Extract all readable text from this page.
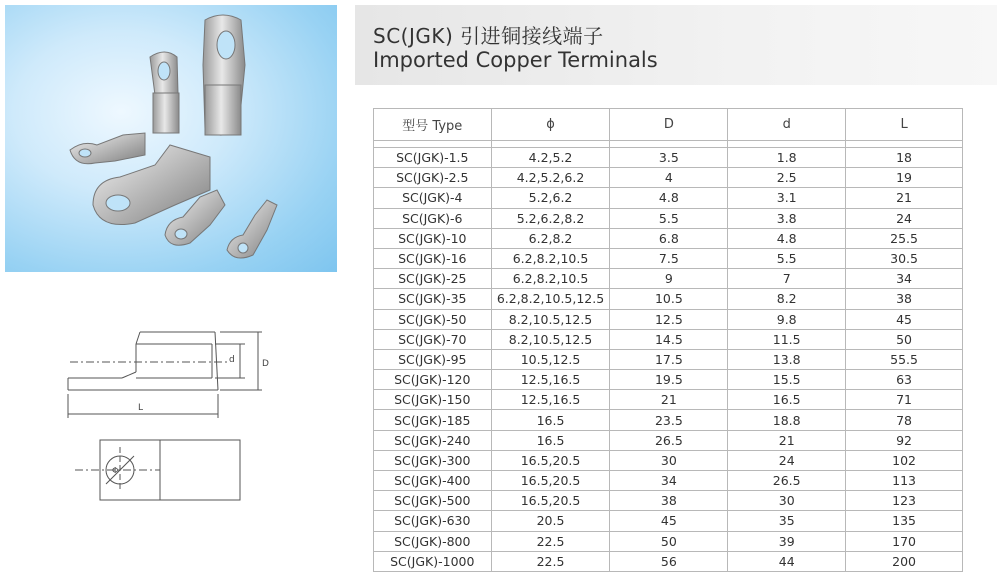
d	D
L
Φ
SC(JGK) 引进铜接线端子
Imported Copper Terminals
型号 Type	ϕ	D	d	L

SC(JGK)-1.5	4.2,5.2	3.5	1.8	18
SC(JGK)-2.5	4.2,5.2,6.2	4	2.5	19
SC(JGK)-4	5.2,6.2	4.8	3.1	21
SC(JGK)-6	5.2,6.2,8.2	5.5	3.8	24
SC(JGK)-10	6.2,8.2	6.8	4.8	25.5
SC(JGK)-16	6.2,8.2,10.5	7.5	5.5	30.5
SC(JGK)-25	6.2,8.2,10.5	9	7	34
SC(JGK)-35	6.2,8.2,10.5,12.5	10.5	8.2	38
SC(JGK)-50	8.2,10.5,12.5	12.5	9.8	45
SC(JGK)-70	8.2,10.5,12.5	14.5	11.5	50
SC(JGK)-95	10.5,12.5	17.5	13.8	55.5
SC(JGK)-120	12.5,16.5	19.5	15.5	63
SC(JGK)-150	12.5,16.5	21	16.5	71
SC(JGK)-185	16.5	23.5	18.8	78
SC(JGK)-240	16.5	26.5	21	92
SC(JGK)-300	16.5,20.5	30	24	102
SC(JGK)-400	16.5,20.5	34	26.5	113
SC(JGK)-500	16.5,20.5	38	30	123
SC(JGK)-630	20.5	45	35	135
SC(JGK)-800	22.5	50	39	170
SC(JGK)-1000	22.5	56	44	200
